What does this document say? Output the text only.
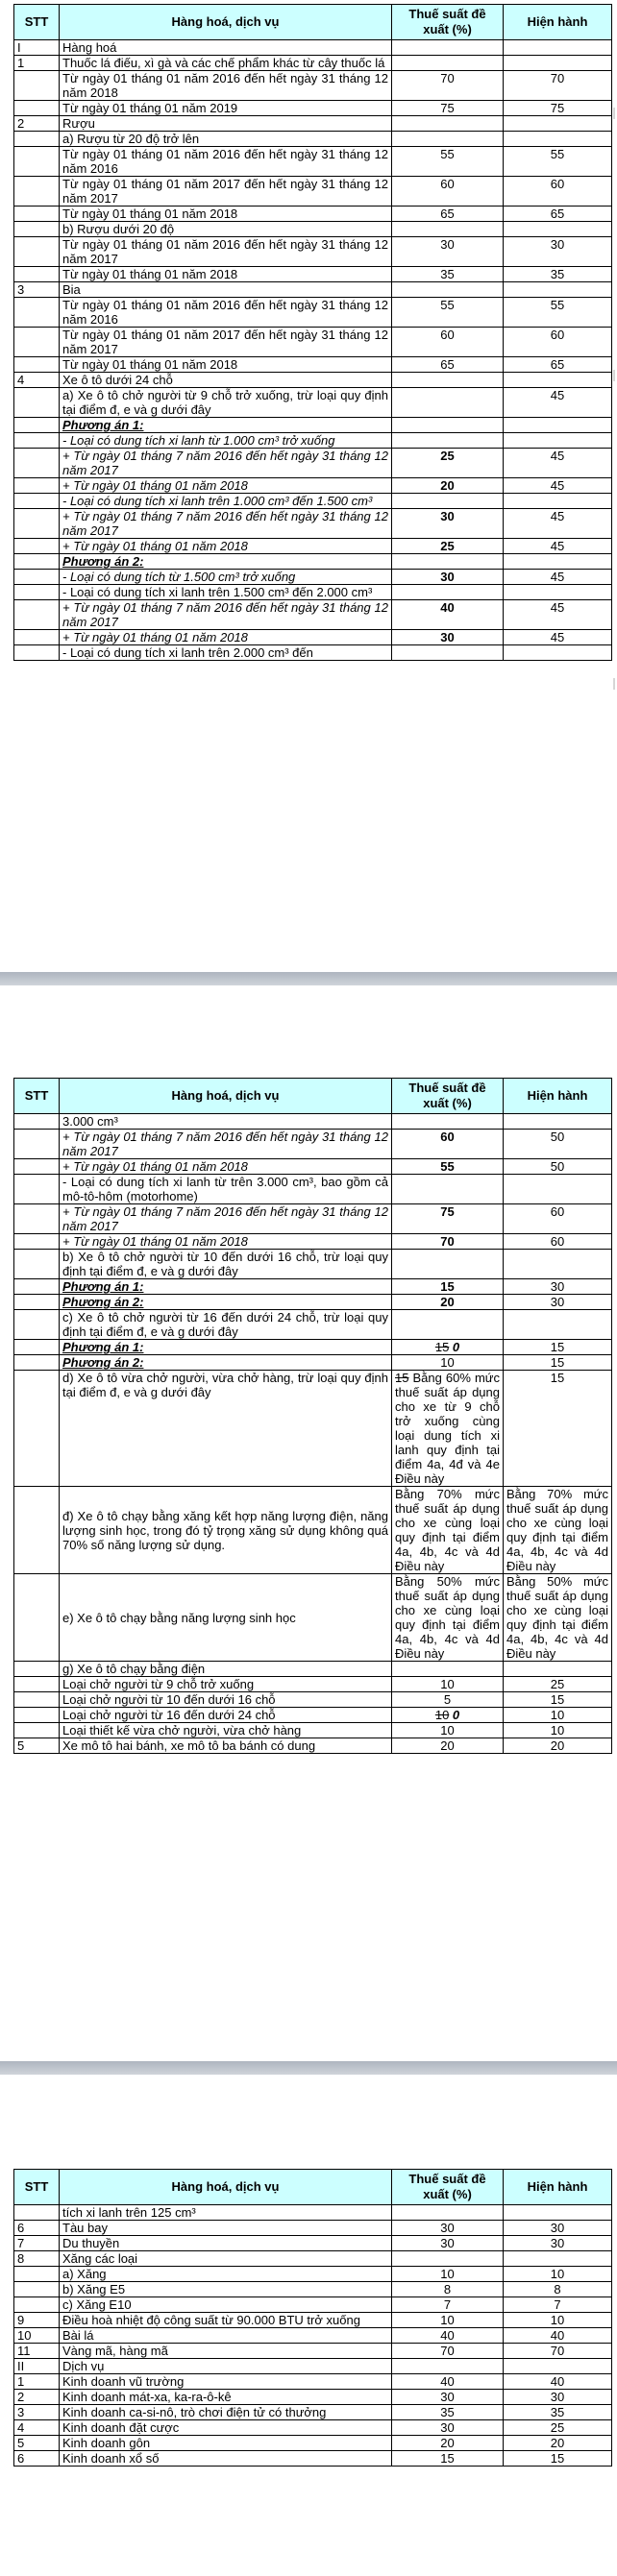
STT	Hàng hoá, dịch vụ	Thuế suất đề xuất (%)	Hiện hành
I	Hàng hoá		
1	Thuốc lá điếu, xì gà và các chế phẩm khác từ cây thuốc lá		
	Từ ngày 01 tháng 01 năm 2016 đến hết ngày 31 tháng 12 năm 2018	70	70
	Từ ngày 01 tháng 01 năm 2019	75	75
2	Rượu		
	a) Rượu từ 20 độ trở lên		
	Từ ngày 01 tháng 01 năm 2016 đến hết ngày 31 tháng 12 năm 2016	55	55
	Từ ngày 01 tháng 01 năm 2017 đến hết ngày 31 tháng 12 năm 2017	60	60
	Từ ngày 01 tháng 01 năm 2018	65	65
	b) Rượu dưới 20 độ		
	Từ ngày 01 tháng 01 năm 2016 đến hết ngày 31 tháng 12 năm 2017	30	30
	Từ ngày 01 tháng 01 năm 2018	35	35
3	Bia		
	Từ ngày 01 tháng 01 năm 2016 đến hết ngày 31 tháng 12 năm 2016	55	55
	Từ ngày 01 tháng 01 năm 2017 đến hết ngày 31 tháng 12 năm 2017	60	60
	Từ ngày 01 tháng 01 năm 2018	65	65
4	Xe ô tô dưới 24 chỗ		
	a) Xe ô tô chở người từ 9 chỗ trở xuống, trừ loại quy định tại điểm đ, e và g dưới đây		45
	Phương án 1:		
	- Loại có dung tích xi lanh từ 1.000 cm³ trở xuống		
	+ Từ ngày 01 tháng 7 năm 2016 đến hết ngày 31 tháng 12 năm 2017	25	45
	+ Từ ngày 01 tháng 01 năm 2018	20	45
	- Loại có dung tích xi lanh trên 1.000 cm³ đến 1.500 cm³		
	+ Từ ngày 01 tháng 7 năm 2016 đến hết ngày 31 tháng 12 năm 2017	30	45
	+ Từ ngày 01 tháng 01 năm 2018	25	45
	Phương án 2:		
	- Loại có dung tích từ 1.500 cm³ trở xuống	30	45
	- Loại có dung tích xi lanh trên 1.500 cm³ đến 2.000 cm³		
	+ Từ ngày 01 tháng 7 năm 2016 đến hết ngày 31 tháng 12 năm 2017	40	45
	+ Từ ngày 01 tháng 01 năm 2018	30	45
	- Loại có dung tích xi lanh trên 2.000 cm³ đến		
STT	Hàng hoá, dịch vụ	Thuế suất đề xuất (%)	Hiện hành
	3.000 cm³		
	+ Từ ngày 01 tháng 7 năm 2016 đến hết ngày 31 tháng 12 năm 2017	60	50
	+ Từ ngày 01 tháng 01 năm 2018	55	50
	- Loại có dung tích xi lanh từ trên 3.000 cm³, bao gồm cả mô-tô-hôm (motorhome)		
	+ Từ ngày 01 tháng 7 năm 2016 đến hết ngày 31 tháng 12 năm 2017	75	60
	+ Từ ngày 01 tháng 01 năm 2018	70	60
	b) Xe ô tô chở người từ 10 đến dưới 16 chỗ, trừ loại quy định tại điểm đ, e và g dưới đây		
	Phương án 1:	15	30
	Phương án 2:	20	30
	c) Xe ô tô chở người từ 16 đến dưới 24 chỗ, trừ loại quy định tại điểm đ, e và g dưới đây		
	Phương án 1:	15 0	15
	Phương án 2:	10	15
	d) Xe ô tô vừa chở người, vừa chở hàng, trừ loại quy định tại điểm đ, e và g dưới đây	15 Bằng 60% mức thuế suất áp dụng cho xe từ 9 chỗ trở xuống cùng loại dung tích xi lanh quy định tại điểm 4a, 4đ và 4e Điều này	15
	đ) Xe ô tô chạy bằng xăng kết hợp năng lượng điện, năng lượng sinh học, trong đó tỷ trọng xăng sử dụng không quá 70% số năng lượng sử dụng.	Bằng 70% mức thuế suất áp dụng cho xe cùng loại quy định tại điểm 4a, 4b, 4c và 4d Điều này	Bằng 70% mức thuế suất áp dụng cho xe cùng loại quy định tại điểm 4a, 4b, 4c và 4d Điều này
	e) Xe ô tô chạy bằng năng lượng sinh học	Bằng 50% mức thuế suất áp dụng cho xe cùng loại quy định tại điểm 4a, 4b, 4c và 4d Điều này	Bằng 50% mức thuế suất áp dụng cho xe cùng loại quy định tại điểm 4a, 4b, 4c và 4d Điều này
	g) Xe ô tô chạy bằng điện		
	Loại chở người từ 9 chỗ trở xuống	10	25
	Loại chở người từ 10 đến dưới 16 chỗ	5	15
	Loại chở người từ 16 đến dưới 24 chỗ	10 0	10
	Loại thiết kế vừa chở người, vừa chở hàng	10	10
5	Xe mô tô hai bánh, xe mô tô ba bánh có dung	20	20
STT	Hàng hoá, dịch vụ	Thuế suất đề xuất (%)	Hiện hành
	tích xi lanh trên 125 cm³		
6	Tàu bay	30	30
7	Du thuyền	30	30
8	Xăng các loại		
	a) Xăng	10	10
	b) Xăng E5	8	8
	c) Xăng E10	7	7
9	Điều hoà nhiệt độ công suất từ 90.000 BTU trở xuống	10	10
10	Bài lá	40	40
11	Vàng mã, hàng mã	70	70
II	Dịch vụ		
1	Kinh doanh vũ trường	40	40
2	Kinh doanh mát-xa, ka-ra-ô-kê	30	30
3	Kinh doanh ca-si-nô, trò chơi điện tử có thưởng	35	35
4	Kinh doanh đặt cược	30	25
5	Kinh doanh gôn	20	20
6	Kinh doanh xổ số	15	15
